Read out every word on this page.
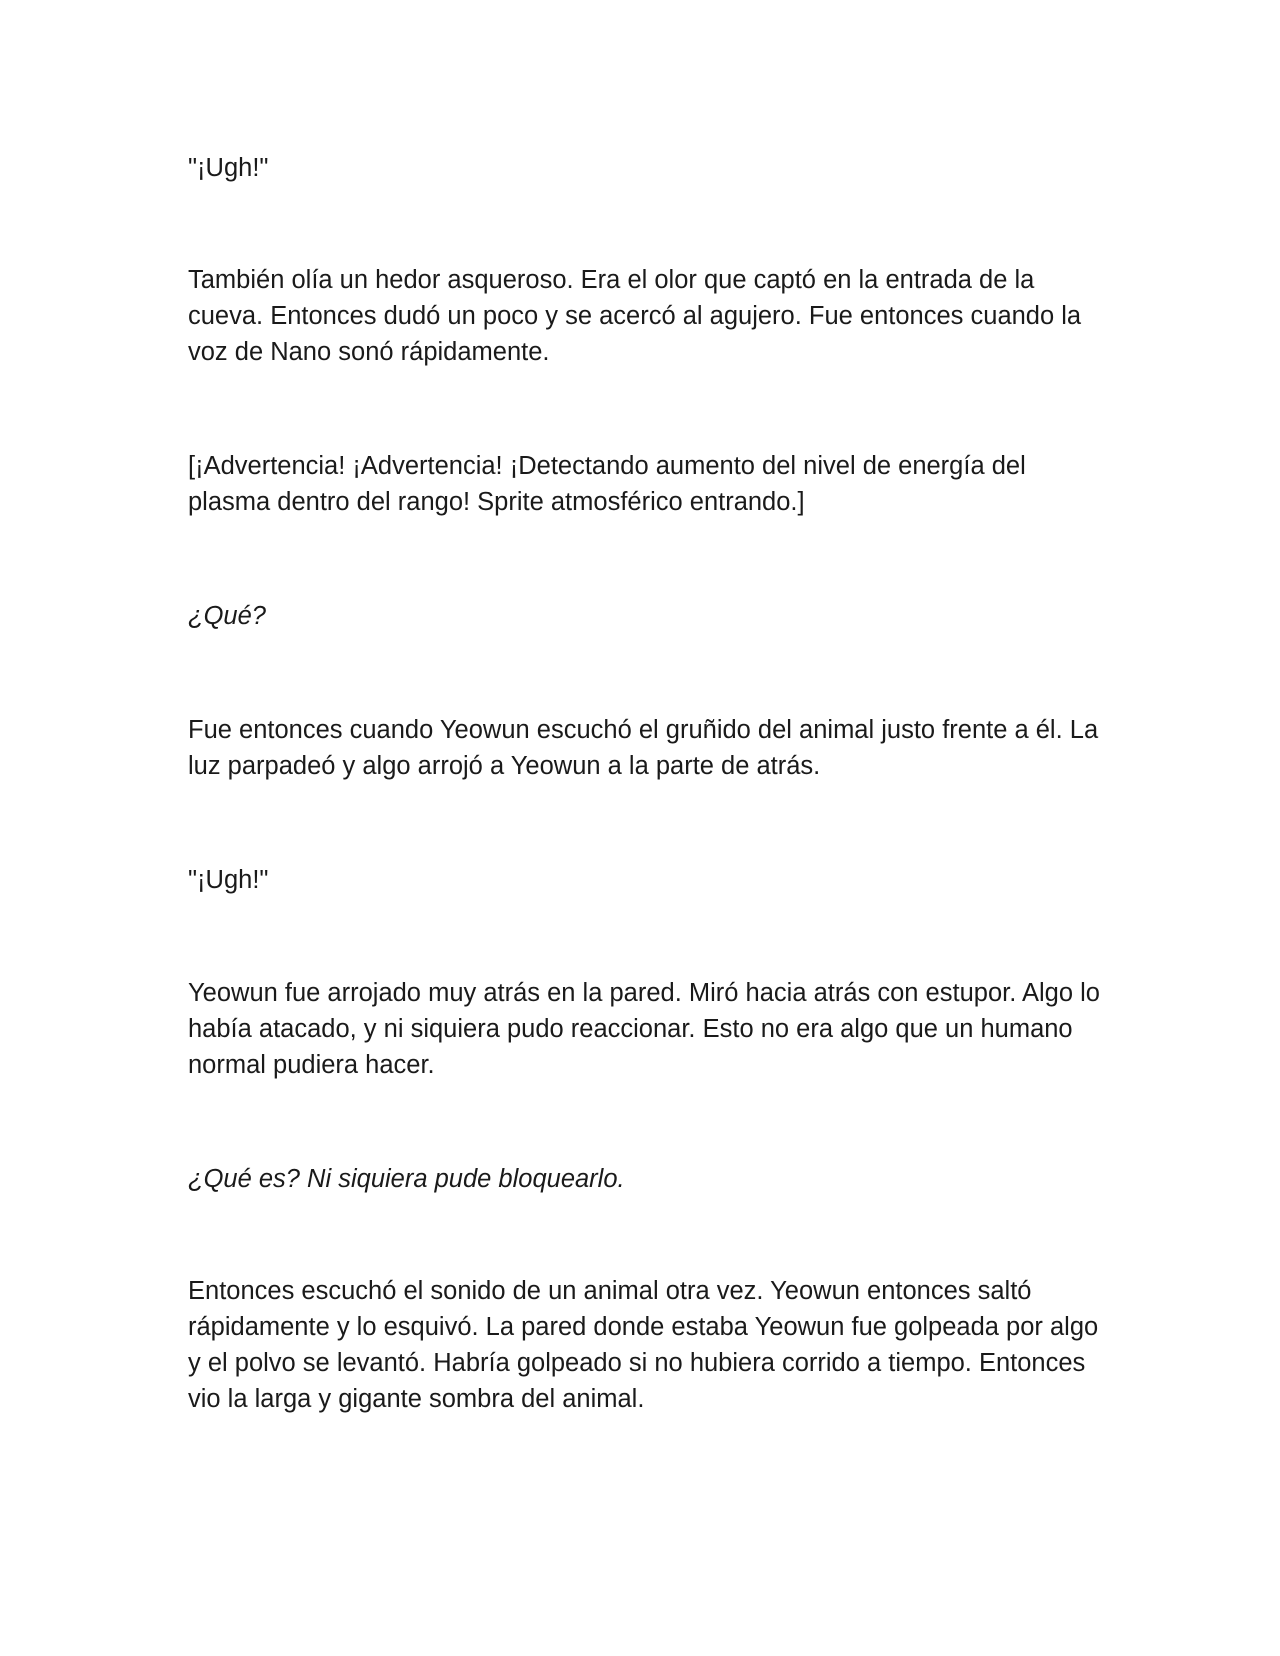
"¡Ugh!"

También olía un hedor asqueroso. Era el olor que captó en la entrada de la cueva. Entonces dudó un poco y se acercó al agujero. Fue entonces cuando la voz de Nano sonó rápidamente.

[¡Advertencia! ¡Advertencia! ¡Detectando aumento del nivel de energía del plasma dentro del rango! Sprite atmosférico entrando.]

¿Qué?

Fue entonces cuando Yeowun escuchó el gruñido del animal justo frente a él. La luz parpadeó y algo arrojó a Yeowun a la parte de atrás.

"¡Ugh!"

Yeowun fue arrojado muy atrás en la pared. Miró hacia atrás con estupor. Algo lo había atacado, y ni siquiera pudo reaccionar. Esto no era algo que un humano normal pudiera hacer.

¿Qué es? Ni siquiera pude bloquearlo.

Entonces escuchó el sonido de un animal otra vez. Yeowun entonces saltó rápidamente y lo esquivó. La pared donde estaba Yeowun fue golpeada por algo y el polvo se levantó. Habría golpeado si no hubiera corrido a tiempo. Entonces vio la larga y gigante sombra del animal.
